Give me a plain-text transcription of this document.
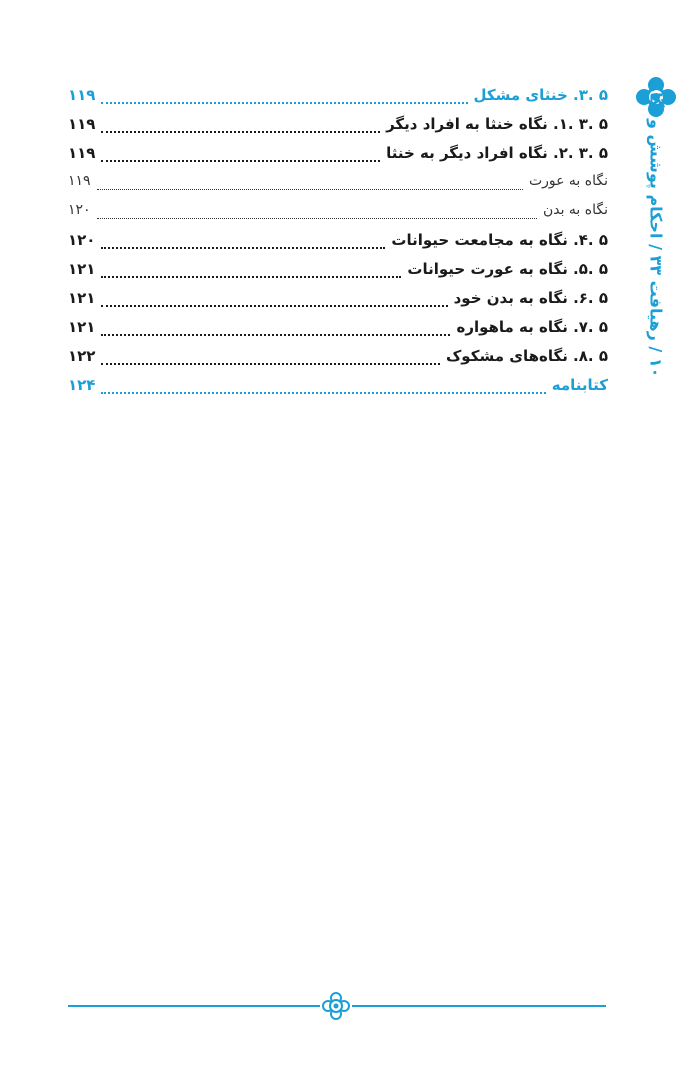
۵ .۳. خنثای مشکل
۱۱۹
۵ .۳ .۱. نگاه خنثا به افراد دیگر
۱۱۹
۵ .۳ .۲. نگاه افراد دیگر به خنثا
۱۱۹
نگاه به عورت
۱۱۹
نگاه به بدن
۱۲۰
۵ .۴. نگاه به مجامعت حیوانات
۱۲۰
۵ .۵. نگاه به عورت حیوانات
۱۲۱
۵ .۶. نگاه به بدن خود
۱۲۱
۵ .۷. نگاه به ماهواره
۱۲۱
۵ .۸. نگاه‌های مشکوک
۱۲۲
کتابنامه
۱۲۴
۱۰ / رهیافت ۳۳ / احکام پوشش و نگاه
